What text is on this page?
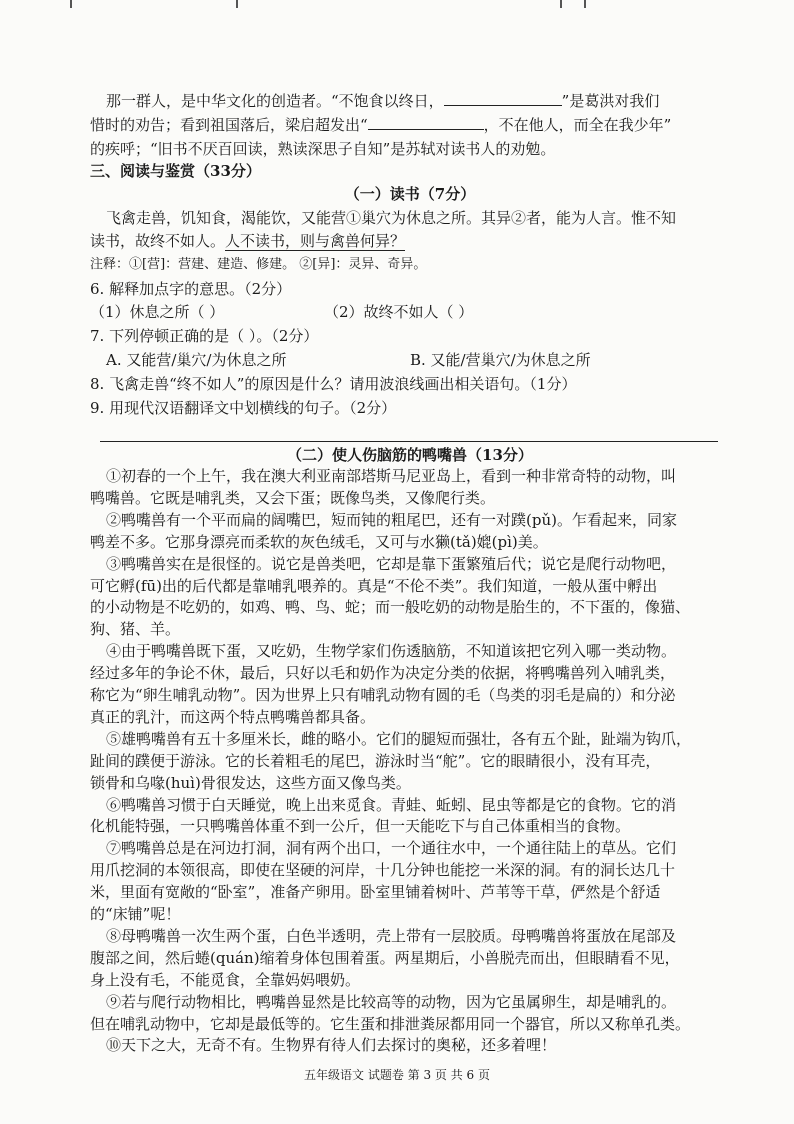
那一群人，是中华文化的创造者。“不饱食以终日，	”是葛洪对我们
惜时的劝告；看到祖国落后，梁启超发出“	，不在他人，而全在我少年”
的疾呼；“旧书不厌百回读，熟读深思子自知”是苏轼对读书人的劝勉。
三、阅读与鉴赏（33分）
（一）读书（7分）
飞禽走兽，饥知食，渴能饮，又能营①巢穴为休息之所。其异②者，能为人言。惟不知
读书，故终不如人。人不读书，则与禽兽何异？
注释：①[营]：营建、建造、修建。 ②[异]：灵异、奇异。
6. 解释加点字的意思。（2分）
（1）休息之所（ ）	（2）故终不如人（ ）
7. 下列停顿正确的是（ ）。（2分）
A. 又能营/巢穴/为休息之所	B. 又能/营巢穴/为休息之所
8. 飞禽走兽“终不如人”的原因是什么？请用波浪线画出相关语句。（1分）
9. 用现代汉语翻译文中划横线的句子。（2分）
（二）使人伤脑筋的鸭嘴兽（13分）
①初春的一个上午，我在澳大利亚南部塔斯马尼亚岛上，看到一种非常奇特的动物，叫
鸭嘴兽。它既是哺乳类，又会下蛋；既像鸟类，又像爬行类。
②鸭嘴兽有一个平而扁的阔嘴巴，短而钝的粗尾巴，还有一对蹼(pǔ)。乍看起来，同家
鸭差不多。它那身漂亮而柔软的灰色绒毛，又可与水獭(tǎ)媲(pì)美。
③鸭嘴兽实在是很怪的。说它是兽类吧，它却是靠下蛋繁殖后代；说它是爬行动物吧，
可它孵(fū)出的后代都是靠哺乳喂养的。真是“不伦不类”。我们知道，一般从蛋中孵出
的小动物是不吃奶的，如鸡、鸭、鸟、蛇；而一般吃奶的动物是胎生的，不下蛋的，像猫、
狗、猪、羊。
④由于鸭嘴兽既下蛋，又吃奶，生物学家们伤透脑筋，不知道该把它列入哪一类动物。
经过多年的争论不休，最后，只好以毛和奶作为决定分类的依据，将鸭嘴兽列入哺乳类，
称它为“卵生哺乳动物”。因为世界上只有哺乳动物有圆的毛（鸟类的羽毛是扁的）和分泌
真正的乳汁，而这两个特点鸭嘴兽都具备。
⑤雄鸭嘴兽有五十多厘米长，雌的略小。它们的腿短而强壮，各有五个趾，趾端为钩爪，
趾间的蹼便于游泳。它的长着粗毛的尾巴，游泳时当“舵”。它的眼睛很小，没有耳壳，
锁骨和乌喙(huì)骨很发达，这些方面又像鸟类。
⑥鸭嘴兽习惯于白天睡觉，晚上出来觅食。青蛙、蚯蚓、昆虫等都是它的食物。它的消
化机能特强，一只鸭嘴兽体重不到一公斤，但一天能吃下与自己体重相当的食物。
⑦鸭嘴兽总是在河边打洞，洞有两个出口，一个通往水中，一个通往陆上的草丛。它们
用爪挖洞的本领很高，即使在坚硬的河岸，十几分钟也能挖一米深的洞。有的洞长达几十
米，里面有宽敞的“卧室”，准备产卵用。卧室里铺着树叶、芦苇等干草，俨然是个舒适
的“床铺”呢！
⑧母鸭嘴兽一次生两个蛋，白色半透明，壳上带有一层胶质。母鸭嘴兽将蛋放在尾部及
腹部之间，然后蜷(quán)缩着身体包围着蛋。两星期后，小兽脱壳而出，但眼睛看不见，
身上没有毛，不能觅食，全靠妈妈喂奶。
⑨若与爬行动物相比，鸭嘴兽显然是比较高等的动物，因为它虽属卵生，却是哺乳的。
但在哺乳动物中，它却是最低等的。它生蛋和排泄粪尿都用同一个器官，所以又称单孔类。
五年级语文 试题卷 第 3 页 共 6 页
⑩天下之大，无奇不有。生物界有待人们去探讨的奥秘，还多着哩！
